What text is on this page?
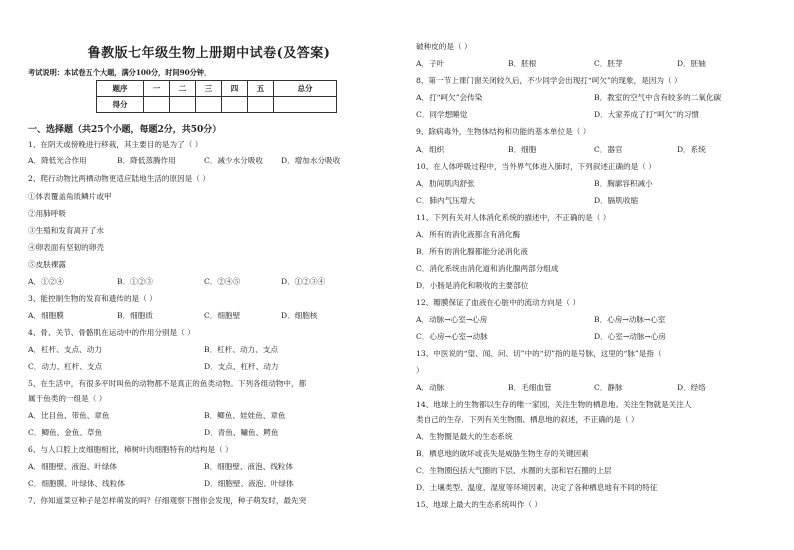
鲁教版七年级生物上册期中试卷(及答案)
考试说明：本试卷五个大题，满分100分，时间90分钟．
题序	一	二	三	四	五	总分
得分						
一、选择题（共25个小题，每题2分，共50分）
1、在阴天或傍晚进行移栽，其主要目的是为了（ ）
A．降低光合作用	B．降低蒸腾作用	C．减少水分吸收 D．增加水分吸收
2、爬行动物比两栖动物更适应陆地生活的原因是（ ）
①体表覆盖角质鳞片或甲
②用肺呼吸
③生殖和发育离开了水
④卵表面有坚韧的卵壳
⑤皮肤裸露
A．①②④	B．①②③	C．②④⑤	D．①②③④
3、能控制生物的发育和遗传的是（ ）
A．细胞膜	B．细胞质	C．细胞壁	D．细胞核
4、骨、关节、骨骼肌在运动中的作用分别是（ ）
A．杠杆、支点、动力	B．杠杆、动力、支点
C．动力、杠杆、支点	D．支点、杠杆、动力
5、在生活中，有很多平时叫鱼的动物都不是真正的鱼类动物。下列各组动物中，都
属于鱼类的一组是（ ）
A．比目鱼、带鱼、章鱼	B．鲫鱼、娃娃鱼、章鱼
C．鲫鱼、金鱼、草鱼	D．青鱼、鳙鱼、鳄鱼
6、与人口腔上皮细胞相比，樟树叶肉细胞特有的结构是（ ）
A．细胞壁、液泡、叶绿体	B．细胞壁、液泡、线粒体
C．细胞膜、叶绿体、线粒体	D．细胞壁、液泡、叶绿体
7、你知道菜豆种子是怎样萌发的吗？仔细观察下图你会发现，种子萌发时，最先突
破种皮的是（ ）
A．子叶	B．胚根	C．胚芽	D．胚轴
8、第一节上课门窗关闭较久后，不少同学会出现打“呵欠”的现象，是因为（ ）
A．打“呵欠”会传染	B．教室的空气中含有较多的二氧化碳
C．同学想睡觉	D．大家养成了打“呵欠”的习惯
9、除病毒外，生物体结构和功能的基本单位是（ ）
A．组织	B．细胞	C．器官	D．系统
10、在人体呼吸过程中，当外界气体进入肺时，下列叙述正确的是（ ）
A．肋间肌肉舒张	B．胸廓容积减小
C．肺内气压增大	D．膈肌收缩
11、下列有关对人体消化系统的描述中，不正确的是（ ）
A．所有的消化液都含有消化酶
B．所有的消化腺都能分泌消化液
C．消化系统由消化道和消化腺两部分组成
D．小肠是消化和吸收的主要部位
12、瓣膜保证了血液在心脏中的流动方向是（ ）
A．动脉→心室→心房	B．心房→动脉→心室
C．心房→心室→动脉	D．心室→动脉→心房
13、中医说的“望、闻、问、切”中的“切”指的是号脉，这里的“脉”是指（
）
A．动脉	B．毛细血管	C．静脉	D．经络
14、地球上的生物都以生存的唯一家园，关注生物的栖息地、关注生物就是关注人
类自己的生存．下列有关生物圈、栖息地的叙述，不正确的是（ ）
A．生物圈是最大的生态系统
B．栖息地的破坏或丧失是威胁生物生存的关键因素
C．生物圈包括大气圈的下层、水圈的大部和岩石圈的上层
D．土壤类型、温度、湿度等环境因素，决定了各种栖息地有不同的特征
15、地球上最大的生态系统叫作（ ）
